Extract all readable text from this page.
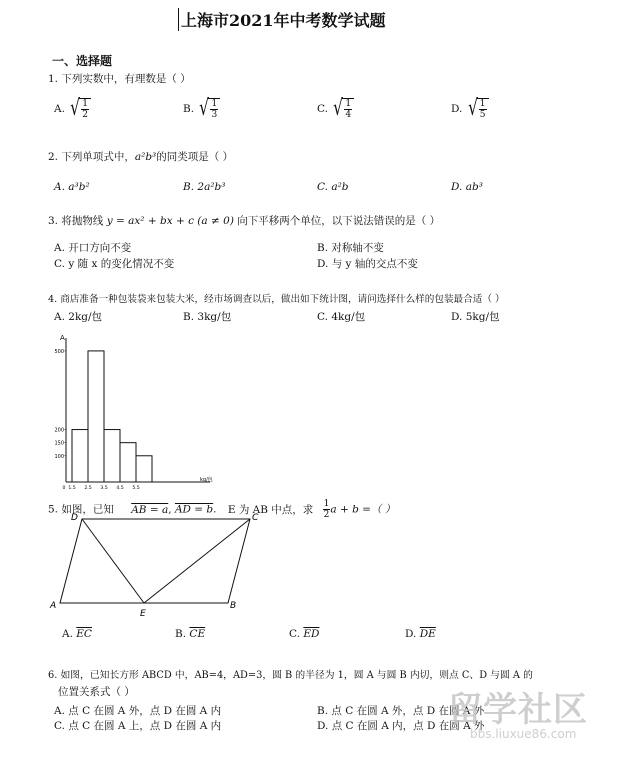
上海市2021年中考数学试题
一、选择题
1. 下列实数中，有理数是（ ）
A. √ $\frac{1}{2}$	B. √ $\frac{1}{3}$	C. √ $\frac{1}{4}$	D. √ $\frac{1}{5}$
2. 下列单项式中，a²b³的同类项是（ ）
A. a³b²	B. 2a²b³	C. a²b	D. ab³
3. 将抛物线 y = ax² + bx + c (a ≠ 0) 向下平移两个单位，以下说法错误的是（ ）
A. 开口方向不变	B. 对称轴不变
C. y 随 x 的变化情况不变	D. 与 y 轴的交点不变
4. 商店准备一种包装袋来包装大米，经市场调查以后，做出如下统计图，请问选择什么样的包装最合适（ ）
A. 2kg/包	B. 3kg/包	C. 4kg/包	D. 5kg/包
A
kg/包
500
200
150
100
0 1.5 2.5 3.5 4.5 5.5
5. 如图，已知 AB = a, AD = b. E 为 AB 中点，求 $\frac{1}{2}$ a + b =（ ）
D	C
A	B
E
A. $\overline{EC}$	B. $\overline{CE}$	C. $\overline{ED}$	D. $\overline{DE}$
6. 如图，已知长方形 ABCD 中，AB=4，AD=3，圆 B 的半径为 1，圆 A 与圆 B 内切，则点 C、D 与圆 A 的
位置关系式（ ）
A. 点 C 在圆 A 外，点 D 在圆 A 内	B. 点 C 在圆 A 外，点 D 在圆 A 外
C. 点 C 在圆 A 上，点 D 在圆 A 内	D. 点 C 在圆 A 内，点 D 在圆 A 外
留学社区
bbs.liuxue86.com
